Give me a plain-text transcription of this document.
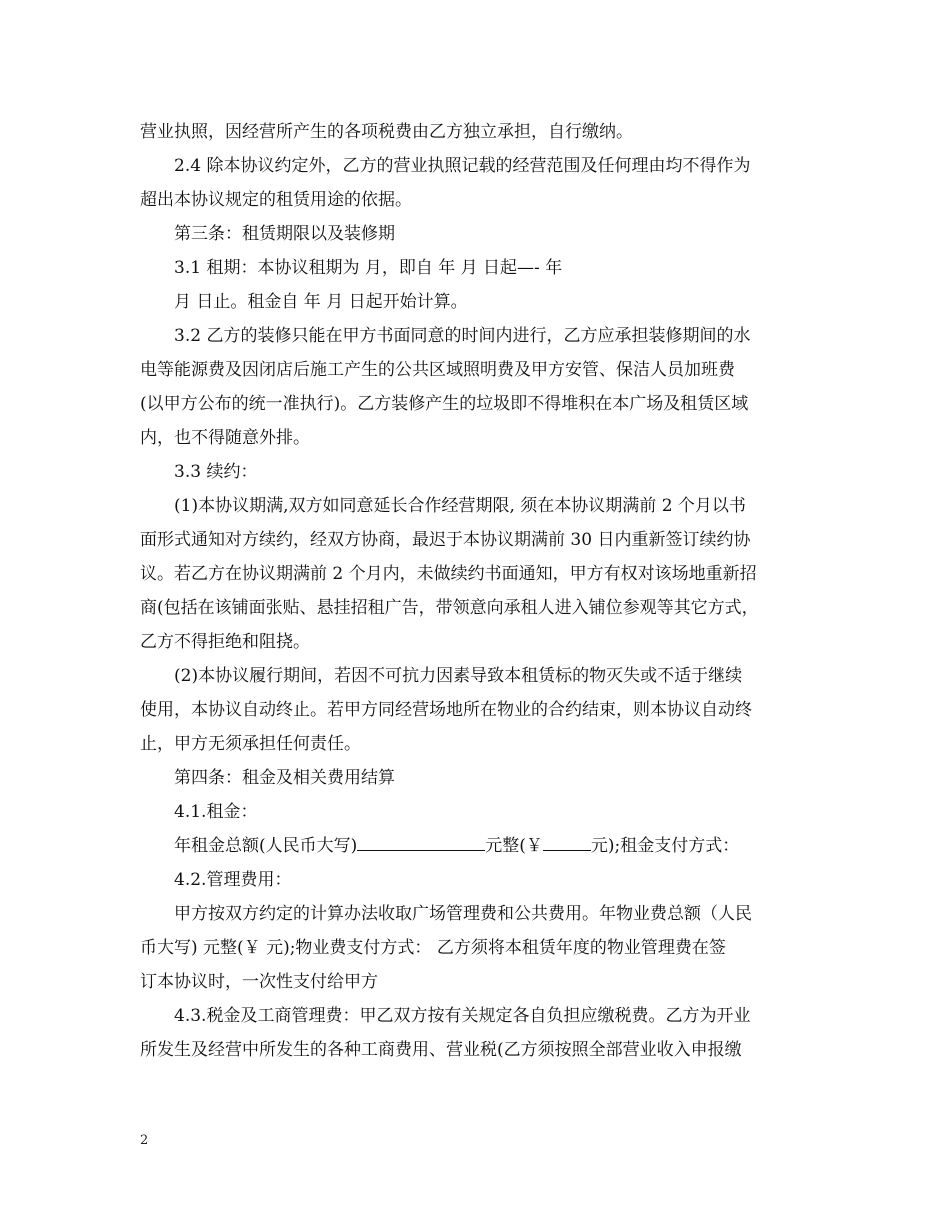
营业执照，因经营所产生的各项税费由乙方独立承担，自行缴纳。
2.4 除本协议约定外，乙方的营业执照记载的经营范围及任何理由均不得作为
超出本协议规定的租赁用途的依据。
第三条：租赁期限以及装修期
3.1 租期：本协议租期为 月，即自 年 月 日起—- 年
月 日止。租金自 年 月 日起开始计算。
3.2 乙方的装修只能在甲方书面同意的时间内进行，乙方应承担装修期间的水
电等能源费及因闭店后施工产生的公共区域照明费及甲方安管、保洁人员加班费
(以甲方公布的统一准执行)。乙方装修产生的垃圾即不得堆积在本广场及租赁区域
内，也不得随意外排。
3.3 续约：
(1)本协议期满,双方如同意延长合作经营期限, 须在本协议期满前 2 个月以书
面形式通知对方续约，经双方协商，最迟于本协议期满前 30 日内重新签订续约协
议。若乙方在协议期满前 2 个月内，未做续约书面通知，甲方有权对该场地重新招
商(包括在该铺面张贴、悬挂招租广告，带领意向承租人进入铺位参观等其它方式，
乙方不得拒绝和阻挠。
(2)本协议履行期间，若因不可抗力因素导致本租赁标的物灭失或不适于继续
使用，本协议自动终止。若甲方同经营场地所在物业的合约结束，则本协议自动终
止，甲方无须承担任何责任。
第四条：租金及相关费用结算
4.1.租金：
年租金总额(人民币大写)	元整(￥	元);租金支付方式：
4.2.管理费用：
甲方按双方约定的计算办法收取广场管理费和公共费用。年物业费总额（人民
币大写) 元整(￥ 元);物业费支付方式： 乙方须将本租赁年度的物业管理费在签
订本协议时，一次性支付给甲方
4.3.税金及工商管理费：甲乙双方按有关规定各自负担应缴税费。乙方为开业
所发生及经营中所发生的各种工商费用、营业税(乙方须按照全部营业收入申报缴
2
